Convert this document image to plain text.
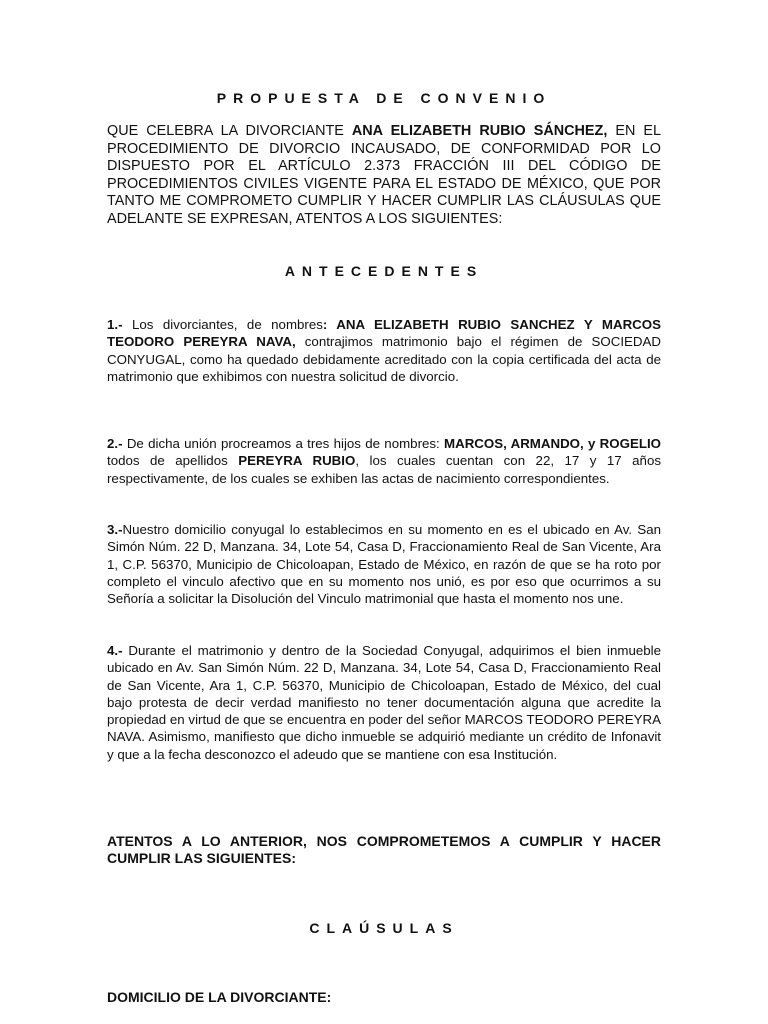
PROPUESTA DE CONVENIO

QUE CELEBRA LA DIVORCIANTE ANA ELIZABETH RUBIO SÁNCHEZ, EN EL PROCEDIMIENTO DE DIVORCIO INCAUSADO, DE CONFORMIDAD POR LO DISPUESTO POR EL ARTÍCULO 2.373 FRACCIÓN III DEL CÓDIGO DE PROCEDIMIENTOS CIVILES VIGENTE PARA EL ESTADO DE MÉXICO, QUE POR TANTO ME COMPROMETO CUMPLIR Y HACER CUMPLIR LAS CLÁUSULAS QUE ADELANTE SE EXPRESAN, ATENTOS A LOS SIGUIENTES:

ANTECEDENTES

1.- Los divorciantes, de nombres: ANA ELIZABETH RUBIO SANCHEZ Y MARCOS TEODORO PEREYRA NAVA, contrajimos matrimonio bajo el régimen de SOCIEDAD CONYUGAL, como ha quedado debidamente acreditado con la copia certificada del acta de matrimonio que exhibimos con nuestra solicitud de divorcio.

2.- De dicha unión procreamos a tres hijos de nombres: MARCOS, ARMANDO, y ROGELIO todos de apellidos PEREYRA RUBIO, los cuales cuentan con 22, 17 y 17 años respectivamente, de los cuales se exhiben las actas de nacimiento correspondientes.

3.-Nuestro domicilio conyugal lo establecimos en su momento en es el ubicado en Av. San Simón Núm. 22 D, Manzana. 34, Lote 54, Casa D, Fraccionamiento Real de San Vicente, Ara 1, C.P. 56370, Municipio de Chicoloapan, Estado de México, en razón de que se ha roto por completo el vinculo afectivo que en su momento nos unió, es por eso que ocurrimos a su Señoría a solicitar la Disolución del Vinculo matrimonial que hasta el momento nos une.

4.- Durante el matrimonio y dentro de la Sociedad Conyugal, adquirimos el bien inmueble ubicado en Av. San Simón Núm. 22 D, Manzana. 34, Lote 54, Casa D, Fraccionamiento Real de San Vicente, Ara 1, C.P. 56370, Municipio de Chicoloapan, Estado de México, del cual bajo protesta de decir verdad manifiesto no tener documentación alguna que acredite la propiedad en virtud de que se encuentra en poder del señor MARCOS TEODORO PEREYRA NAVA. Asimismo, manifiesto que dicho inmueble se adquirió mediante un crédito de Infonavit y que a la fecha desconozco el adeudo que se mantiene con esa Institución.

ATENTOS A LO ANTERIOR, NOS COMPROMETEMOS A CUMPLIR Y HACER CUMPLIR LAS SIGUIENTES:

CLAÚSULAS

DOMICILIO DE LA DIVORCIANTE:
